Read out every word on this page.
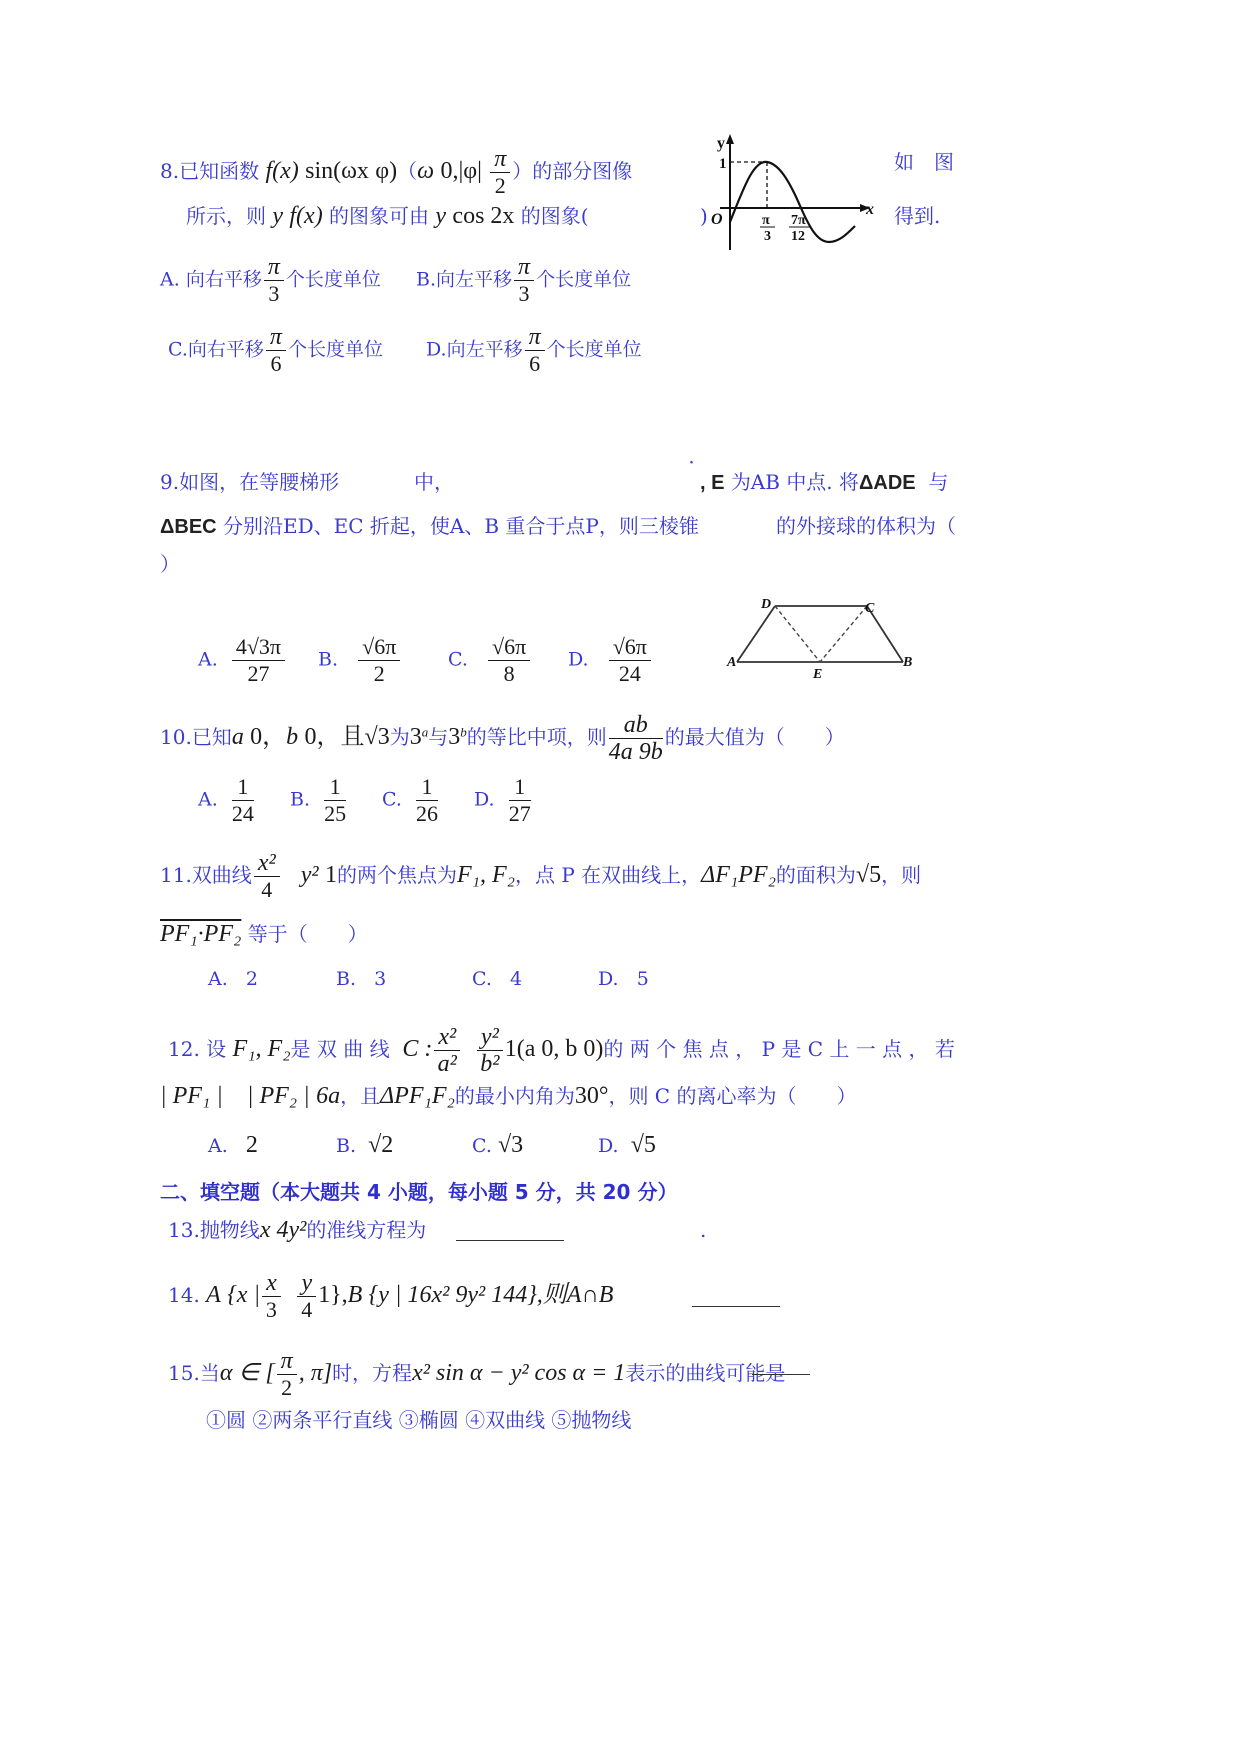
8.已知函数 f(x) sin(ωx φ)（ω $0,|\varphi| \frac{\pi}{2}$ ）的部分图像	如　图
所示，则 y f(x) 的图象可由 y cos 2x 的图象(	)	得到.
y
1
O
x
π
3
7π
12
A. 向右平移 $\frac{\pi}{3}$ 个长度单位 B.向左平移 $\frac{\pi}{3}$ 个长度单位
C.向右平移 $\frac{\pi}{6}$ 个长度单位 D.向左平移 $\frac{\pi}{6}$ 个长度单位
9.如图，在等腰梯形	中，	˙ , E 为AB 中点. 将ΔADE 与
ΔBEC 分别沿ED、EC 折起，使A、B 重合于点P，则三棱锥	的外接球的体积为（
）
D	C
A
E
B
A. $\frac{4√3\pi}{27} B$. $\frac{√6\pi}{2}$	C. $\frac{√6\pi}{8} D$. $\frac{√6\pi}{24}$
10.已知a 0，b 0，且√3为3$^a$与3$^b$的等比中项，则 $\frac{ab}{4a 9b}$ 的最大值为（　　）
A. $\frac{1}{24} B$. $\frac{1}{25} C$. $\frac{1}{26} D$. $\frac{1}{27}$
11.双曲线 $\frac{\text{x²}}{4} y^2$ 1的两个焦点为F₁, F₂，点 P 在双曲线上，ΔF₁PF₂的面积为√5，则
PF₁·PF₂ 等于（　　）
A. 2	B. 3	C. 4	D. 5
12. 设 F₁, F₂是 双 曲 线 C : $\frac{\text{x²}}{\text{a²}}$
$\frac{\text{y²}}{\text{b²}} 1(a$ 0, b 0)的 两 个 焦 点 ， P 是 C 上 一 点 ， 若
| PF₁ |　| PF₂ | 6a，且ΔPF₁F₂的最小内角为30°，则 C 的离心率为（　　）
A. 2	B. √2	C. √3	D. √5
二、填空题（本大题共 4 小题，每小题 5 分，共 20 分）
13.抛物线x 4y²的准线方程为	.
14. A {x | $\frac{x}{3}$
$\frac{y}{4} 1\},B$ {y | 16x² 9y² 144},则A∩B
15.当α ∈ [ $\frac{\pi}{2}$ , π]时，方程x² sin α − y² cos α = 1表示的曲线可能是
①圆 ②两条平行直线 ③椭圆 ④双曲线 ⑤抛物线
